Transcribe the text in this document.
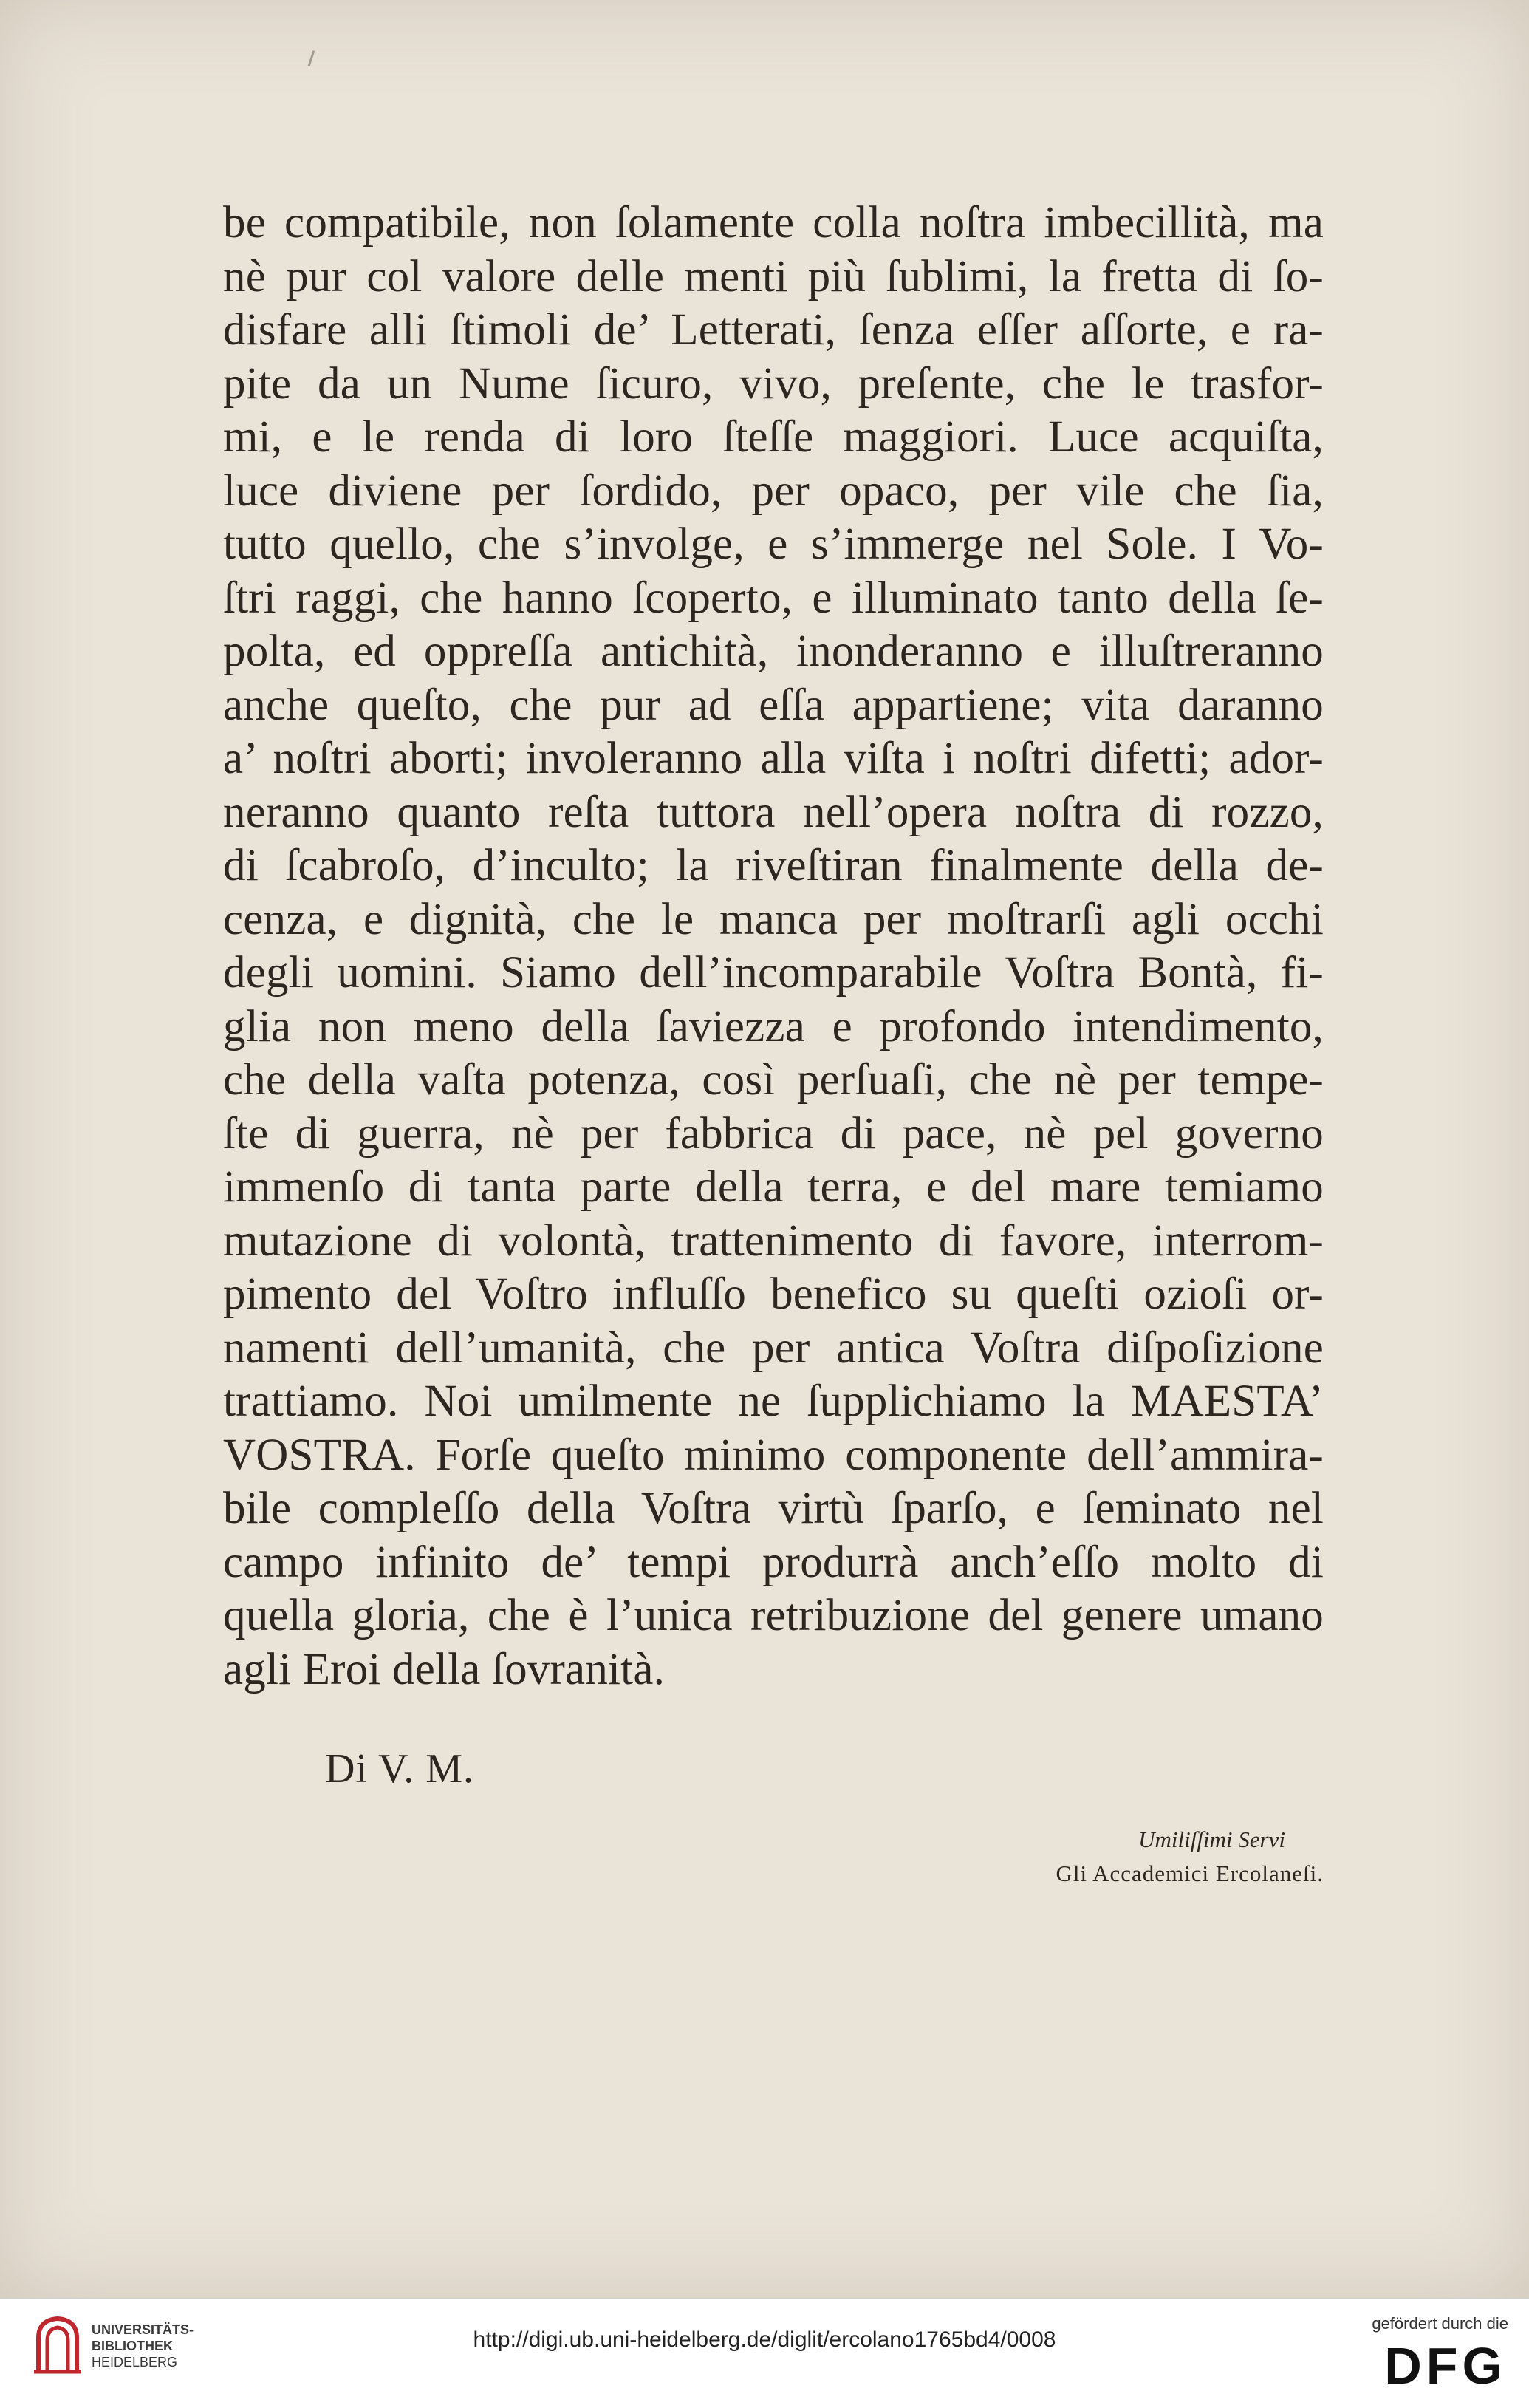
be compatibile, non ſolamente colla noſtra imbecillità, ma
nè pur col valore delle menti più ſublimi, la fretta di ſo-
disfare alli ſtimoli de’ Letterati, ſenza eſſer aſſorte, e ra-
pite da un Nume ſicuro, vivo, preſente, che le trasfor-
mi, e le renda di loro ſteſſe maggiori. Luce acquiſta,
luce diviene per ſordido, per opaco, per vile che ſia,
tutto quello, che s’involge, e s’immerge nel Sole. I Vo-
ſtri raggi, che hanno ſcoperto, e illuminato tanto della ſe-
polta, ed oppreſſa antichità, inonderanno e illuſtreranno
anche queſto, che pur ad eſſa appartiene; vita daranno
a’ noſtri aborti; involeranno alla viſta i noſtri difetti; ador-
neranno quanto reſta tuttora nell’opera noſtra di rozzo,
di ſcabroſo, d’inculto; la riveſtiran finalmente della de-
cenza, e dignità, che le manca per moſtrarſi agli occhi
degli uomini. Siamo dell’incomparabile Voſtra Bontà, fi-
glia non meno della ſaviezza e profondo intendimento,
che della vaſta potenza, così perſuaſi, che nè per tempe-
ſte di guerra, nè per fabbrica di pace, nè pel governo
immenſo di tanta parte della terra, e del mare temiamo
mutazione di volontà, trattenimento di favore, interrom-
pimento del Voſtro influſſo benefico su queſti ozioſi or-
namenti dell’umanità, che per antica Voſtra diſpoſizione
trattiamo. Noi umilmente ne ſupplichiamo la MAESTA’
VOSTRA. Forſe queſto minimo componente dell’ammira-
bile compleſſo della Voſtra virtù ſparſo, e ſeminato nel
campo infinito de’ tempi produrrà anch’eſſo molto di
quella gloria, che è l’unica retribuzione del genere umano
agli Eroi della ſovranità.
Di V. M.
Umiliſſimi Servi
Gli Accademici Ercolaneſi.
UNIVERSITÄTS-
BIBLIOTHEK
HEIDELBERG
http://digi.ub.uni-heidelberg.de/diglit/ercolano1765bd4/0008
gefördert durch die
DFG
